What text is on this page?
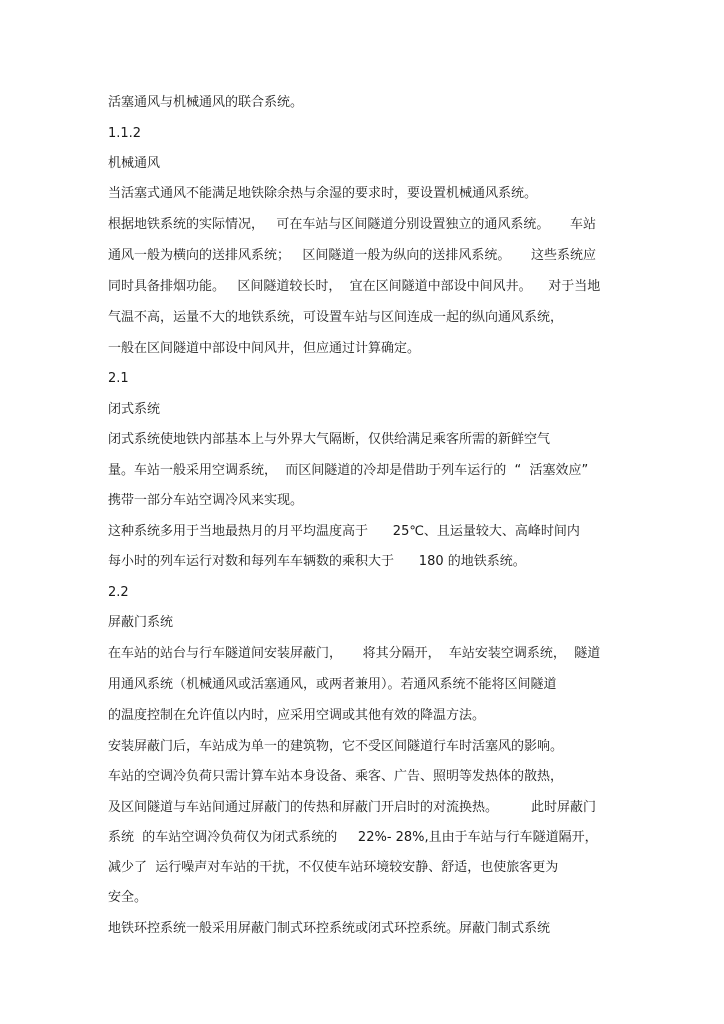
活塞通风与机械通风的联合系统。
1.1.2
机械通风
当活塞式通风不能满足地铁除余热与余湿的要求时，要设置机械通风系统。
根据地铁系统的实际情况，   可在车站与区间隧道分别设置独立的通风系统。     车站
通风一般为横向的送排风系统；   区间隧道一般为纵向的送排风系统。     这些系统应
同时具备排烟功能。   区间隧道较长时，  宜在区间隧道中部设中间风井。    对于当地
气温不高，运量不大的地铁系统，可设置车站与区间连成一起的纵向通风系统，
一般在区间隧道中部设中间风井，但应通过计算确定。
2.1
闭式系统
闭式系统使地铁内部基本上与外界大气隔断，仅供给满足乘客所需的新鲜空气
量。车站一般采用空调系统，  而区间隧道的冷却是借助于列车运行的  “  活塞效应”
携带一部分车站空调冷风来实现。
这种系统多用于当地最热月的月平均温度高于      25℃、且运量较大、高峰时间内
每小时的列车运行对数和每列车车辆数的乘积大于      180 的地铁系统。
2.2
屏蔽门系统
在车站的站台与行车隧道间安装屏蔽门，     将其分隔开，  车站安装空调系统，  隧道
用通风系统（机械通风或活塞通风，或两者兼用）。若通风系统不能将区间隧道
的温度控制在允许值以内时，应采用空调或其他有效的降温方法。
安装屏蔽门后，车站成为单一的建筑物，它不受区间隧道行车时活塞风的影响。
车站的空调冷负荷只需计算车站本身设备、乘客、广告、照明等发热体的散热，
及区间隧道与车站间通过屏蔽门的传热和屏蔽门开启时的对流换热。        此时屏蔽门
系统  的车站空调冷负荷仅为闭式系统的     22%- 28%,且由于车站与行车隧道隔开，
减少了  运行噪声对车站的干扰，不仅使车站环境较安静、舒适，也使旅客更为
安全。
地铁环控系统一般采用屏蔽门制式环控系统或闭式环控系统。屏蔽门制式系统
